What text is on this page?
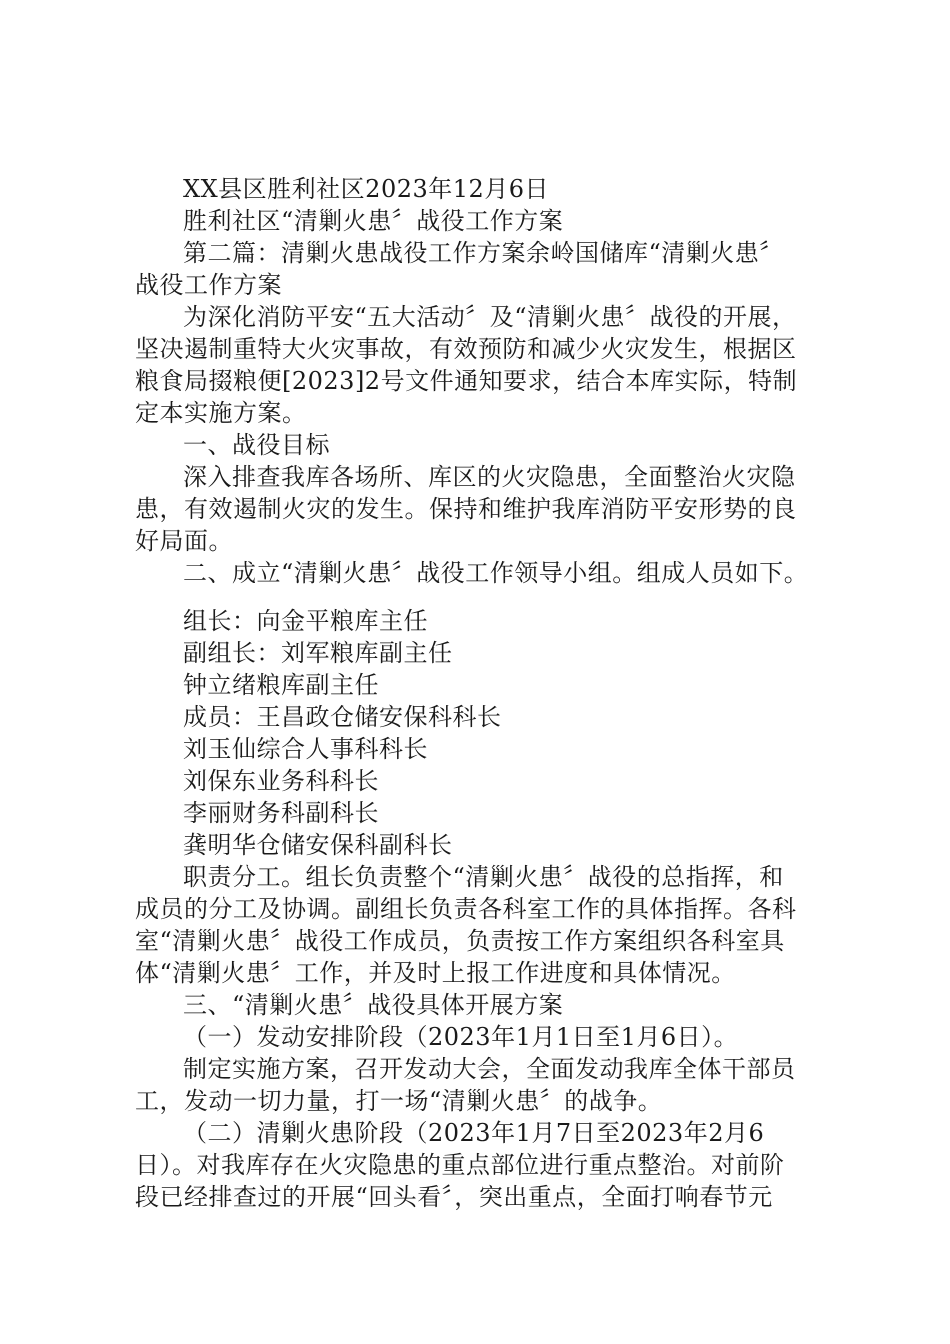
XX县区胜利社区2023年12月6日
胜利社区“清剿火患〞战役工作方案
第二篇：清剿火患战役工作方案余岭国储库“清剿火患〞
战役工作方案
为深化消防平安“五大活动〞及“清剿火患〞战役的开展，
坚决遏制重特大火灾事故，有效预防和减少火灾发生，根据区
粮食局掇粮便[2023]2号文件通知要求，结合本库实际，特制
定本实施方案。
一、战役目标
深入排查我库各场所、库区的火灾隐患，全面整治火灾隐
患，有效遏制火灾的发生。保持和维护我库消防平安形势的良
好局面。
二、成立“清剿火患〞战役工作领导小组。组成人员如下。
组长：向金平粮库主任
副组长：刘军粮库副主任
钟立绪粮库副主任
成员：王昌政仓储安保科科长
刘玉仙综合人事科科长
刘保东业务科科长
李丽财务科副科长
龚明华仓储安保科副科长
职责分工。组长负责整个“清剿火患〞战役的总指挥，和
成员的分工及协调。副组长负责各科室工作的具体指挥。各科
室“清剿火患〞战役工作成员，负责按工作方案组织各科室具
体“清剿火患〞工作，并及时上报工作进度和具体情况。
三、“清剿火患〞战役具体开展方案
（一）发动安排阶段（2023年1月1日至1月6日）。
制定实施方案，召开发动大会，全面发动我库全体干部员
工，发动一切力量，打一场“清剿火患〞的战争。
（二）清剿火患阶段（2023年1月7日至2023年2月6
日）。对我库存在火灾隐患的重点部位进行重点整治。对前阶
段已经排查过的开展“回头看〞，突出重点，全面打响春节元
